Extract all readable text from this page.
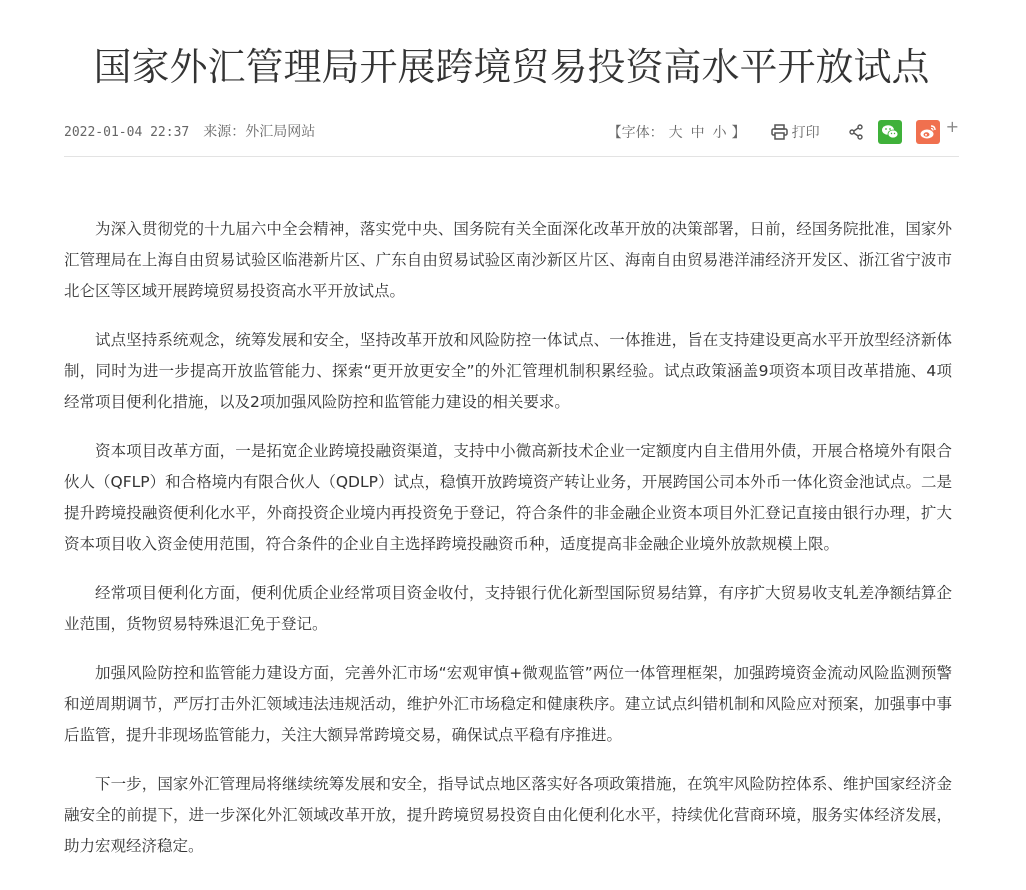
国家外汇管理局开展跨境贸易投资高水平开放试点
2022-01-04 22:37 来源：外汇局网站	【字体： 大 中 小 】	打印	+

为深入贯彻党的十九届六中全会精神，落实党中央、国务院有关全面深化改革开放的决策部署，日前，经国务院批准，国家外汇管理局在上海自由贸易试验区临港新片区、广东自由贸易试验区南沙新区片区、海南自由贸易港洋浦经济开发区、浙江省宁波市北仑区等区域开展跨境贸易投资高水平开放试点。

试点坚持系统观念，统筹发展和安全，坚持改革开放和风险防控一体试点、一体推进，旨在支持建设更高水平开放型经济新体制，同时为进一步提高开放监管能力、探索“更开放更安全”的外汇管理机制积累经验。试点政策涵盖9项资本项目改革措施、4项经常项目便利化措施，以及2项加强风险防控和监管能力建设的相关要求。

资本项目改革方面，一是拓宽企业跨境投融资渠道，支持中小微高新技术企业一定额度内自主借用外债，开展合格境外有限合伙人（QFLP）和合格境内有限合伙人（QDLP）试点，稳慎开放跨境资产转让业务，开展跨国公司本外币一体化资金池试点。二是提升跨境投融资便利化水平，外商投资企业境内再投资免于登记，符合条件的非金融企业资本项目外汇登记直接由银行办理，扩大资本项目收入资金使用范围，符合条件的企业自主选择跨境投融资币种，适度提高非金融企业境外放款规模上限。

经常项目便利化方面，便利优质企业经常项目资金收付，支持银行优化新型国际贸易结算，有序扩大贸易收支轧差净额结算企业范围，货物贸易特殊退汇免于登记。

加强风险防控和监管能力建设方面，完善外汇市场“宏观审慎+微观监管”两位一体管理框架，加强跨境资金流动风险监测预警和逆周期调节，严厉打击外汇领域违法违规活动，维护外汇市场稳定和健康秩序。建立试点纠错机制和风险应对预案，加强事中事后监管，提升非现场监管能力，关注大额异常跨境交易，确保试点平稳有序推进。

下一步，国家外汇管理局将继续统筹发展和安全，指导试点地区落实好各项政策措施，在筑牢风险防控体系、维护国家经济金融安全的前提下，进一步深化外汇领域改革开放，提升跨境贸易投资自由化便利化水平，持续优化营商环境，服务实体经济发展，助力宏观经济稳定。
